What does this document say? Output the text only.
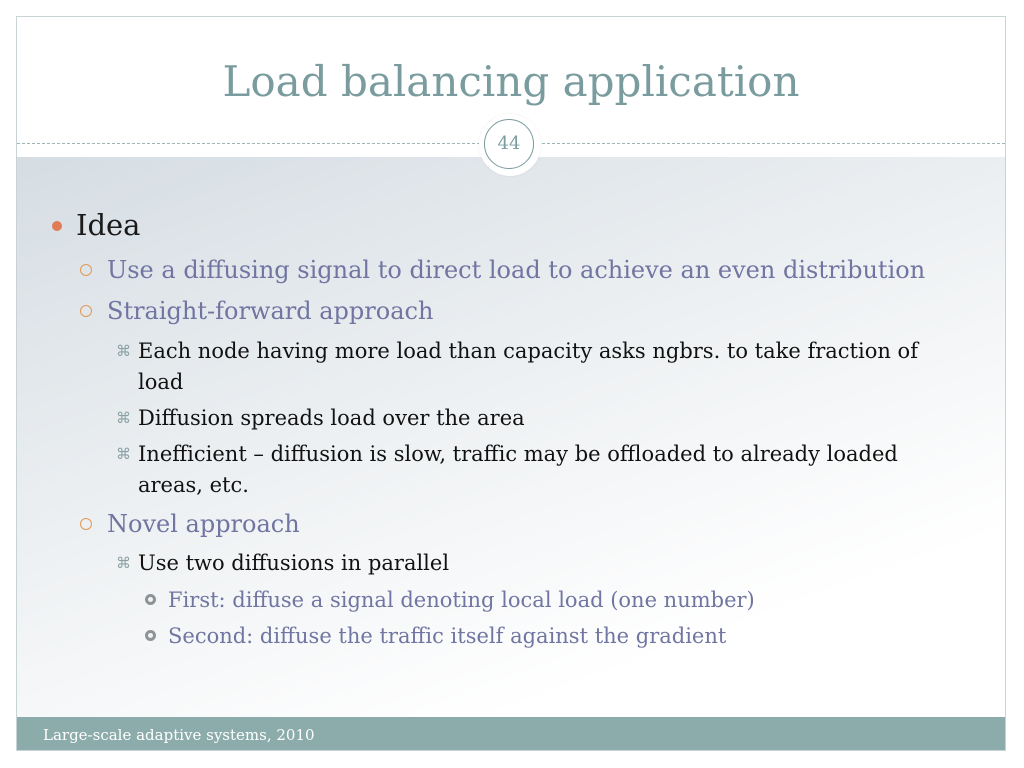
Load balancing application
44
Idea
Use a diffusing signal to direct load to achieve an even distribution
Straight-forward approach
⌘ Each node having more load than capacity asks ngbrs. to take fraction of load
⌘ Diffusion spreads load over the area
⌘ Inefficient – diffusion is slow, traffic may be offloaded to already loaded areas, etc.
Novel approach
⌘ Use two diffusions in parallel
First: diffuse a signal denoting local load (one number)
Second: diffuse the traffic itself against the gradient
Large-scale adaptive systems, 2010
